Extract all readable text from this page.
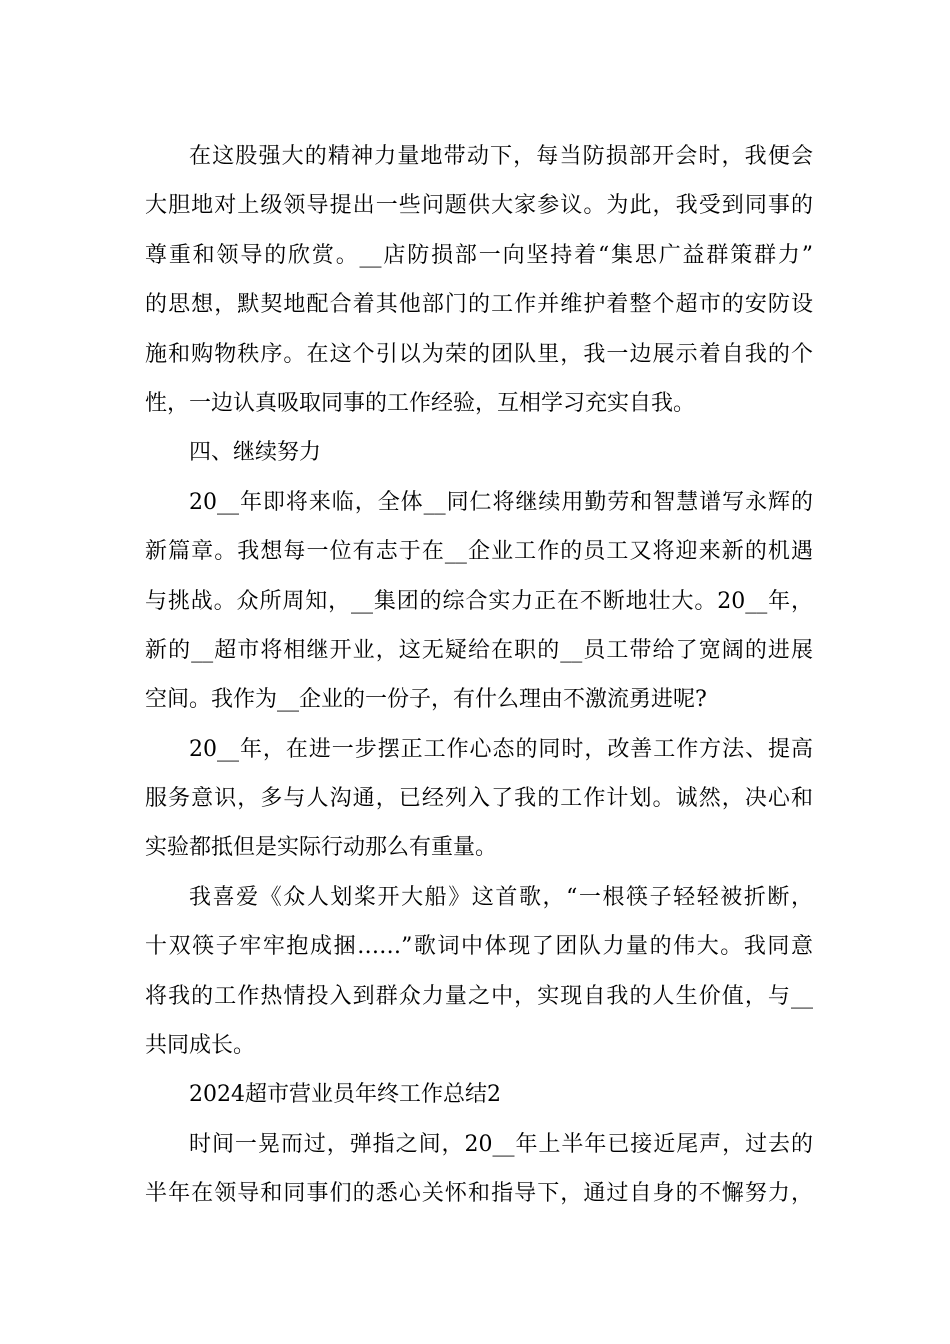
在这股强大的精神力量地带动下，每当防损部开会时，我便会
大胆地对上级领导提出一些问题供大家参议。为此，我受到同事的
尊重和领导的欣赏。__店防损部一向坚持着“集思广益群策群力”
的思想，默契地配合着其他部门的工作并维护着整个超市的安防设
施和购物秩序。在这个引以为荣的团队里，我一边展示着自我的个
性，一边认真吸取同事的工作经验，互相学习充实自我。
四、继续努力
20__年即将来临，全体__同仁将继续用勤劳和智慧谱写永辉的
新篇章。我想每一位有志于在__企业工作的员工又将迎来新的机遇
与挑战。众所周知，__集团的综合实力正在不断地壮大。20__年，
新的__超市将相继开业，这无疑给在职的__员工带给了宽阔的进展
空间。我作为__企业的一份子，有什么理由不激流勇进呢?
20__年，在进一步摆正工作心态的同时，改善工作方法、提高
服务意识，多与人沟通，已经列入了我的工作计划。诚然，决心和
实验都抵但是实际行动那么有重量。
我喜爱《众人划桨开大船》这首歌，“一根筷子轻轻被折断，
十双筷子牢牢抱成捆……”歌词中体现了团队力量的伟大。我同意
将我的工作热情投入到群众力量之中，实现自我的人生价值，与__
共同成长。
2024超市营业员年终工作总结2
时间一晃而过，弹指之间，20__年上半年已接近尾声，过去的
半年在领导和同事们的悉心关怀和指导下，通过自身的不懈努力，
